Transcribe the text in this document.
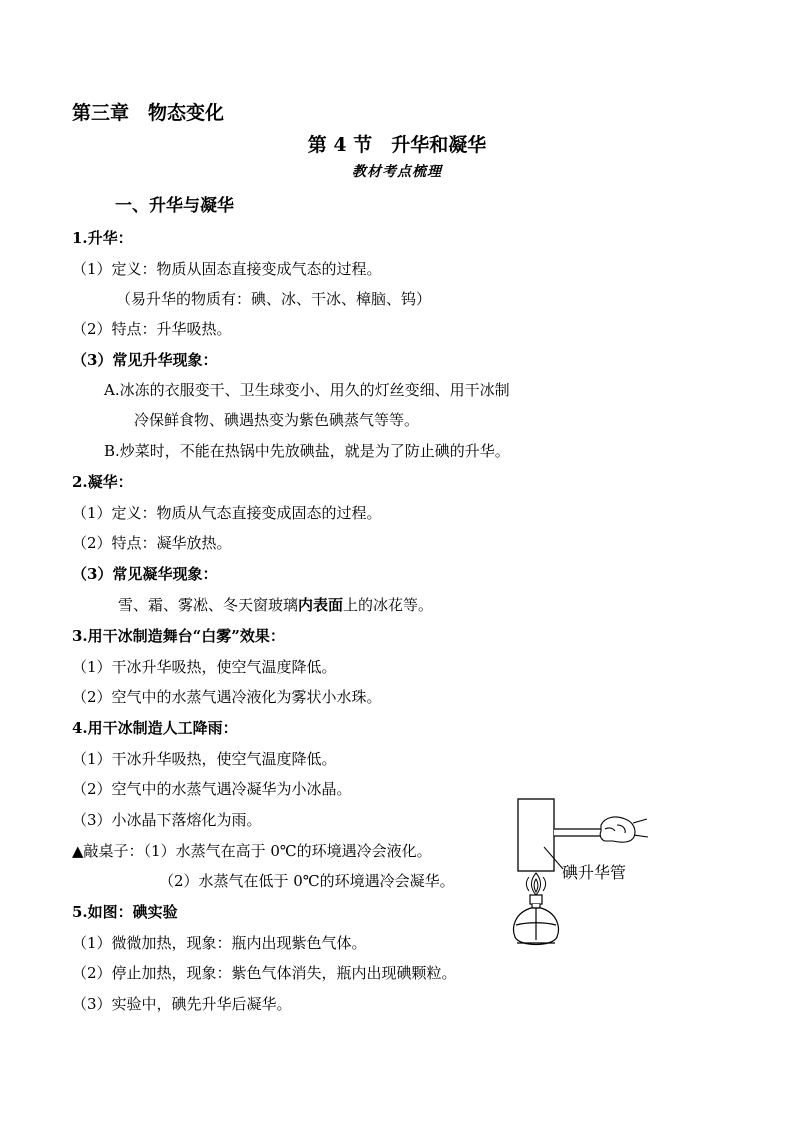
第三章　物态变化
第 4 节　升华和凝华
教材考点梳理
一、升华与凝华
1.升华：
（1）定义：物质从固态直接变成气态的过程。
（易升华的物质有：碘、冰、干冰、樟脑、钨）
（2）特点：升华吸热。
（3）常见升华现象：
A.冰冻的衣服变干、卫生球变小、用久的灯丝变细、用干冰制
冷保鲜食物、碘遇热变为紫色碘蒸气等等。
B.炒菜时，不能在热锅中先放碘盐，就是为了防止碘的升华。
2.凝华：
（1）定义：物质从气态直接变成固态的过程。
（2）特点：凝华放热。
（3）常见凝华现象：
雪、霜、雾凇、冬天窗玻璃内表面上的冰花等。
3.用干冰制造舞台“白雾”效果：
（1）干冰升华吸热，使空气温度降低。
（2）空气中的水蒸气遇冷液化为雾状小水珠。
4.用干冰制造人工降雨：
（1）干冰升华吸热，使空气温度降低。
（2）空气中的水蒸气遇冷凝华为小冰晶。
（3）小冰晶下落熔化为雨。
▲敲桌子：（1）水蒸气在高于 0℃的环境遇冷会液化。
（2）水蒸气在低于 0℃的环境遇冷会凝华。
5.如图：碘实验
（1）微微加热，现象：瓶内出现紫色气体。
（2）停止加热，现象：紫色气体消失，瓶内出现碘颗粒。
（3）实验中，碘先升华后凝华。
碘升华管
